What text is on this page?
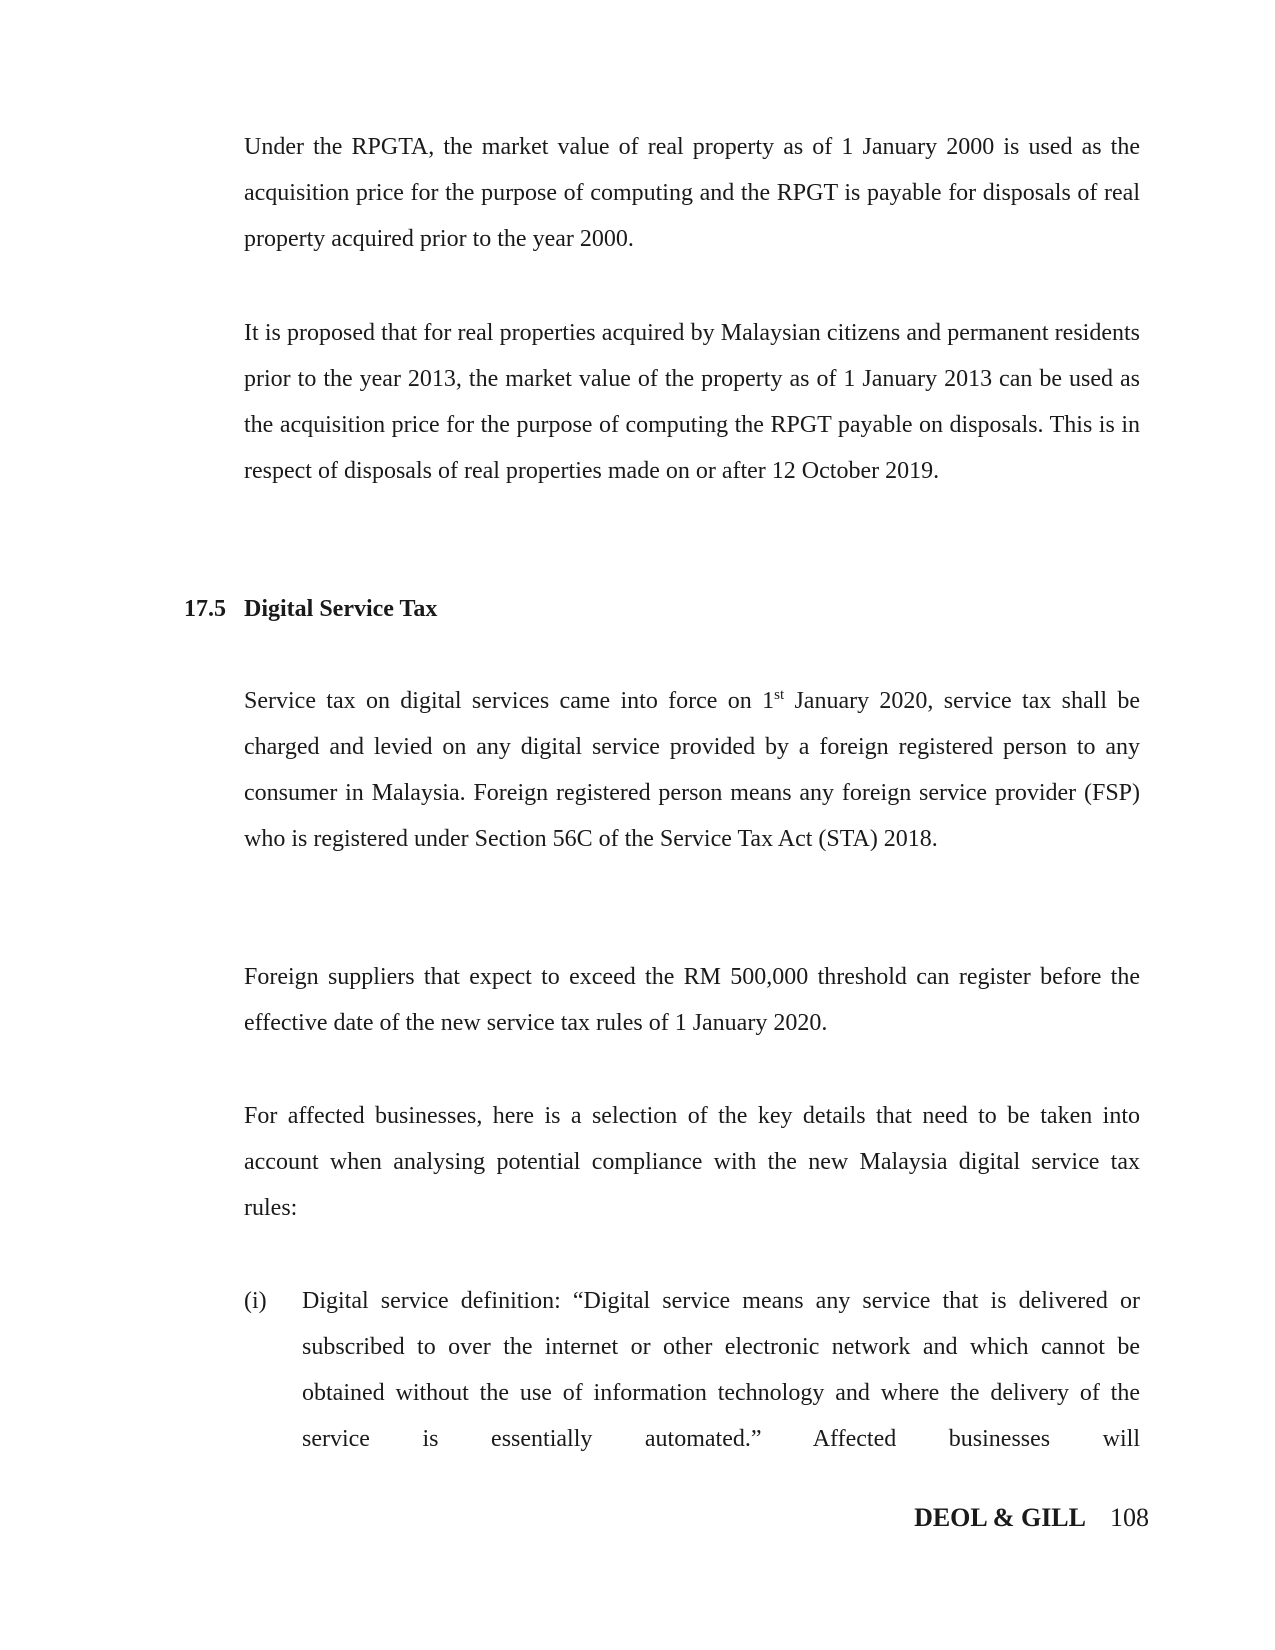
Under the RPGTA, the market value of real property as of 1 January 2000 is used as the acquisition price for the purpose of computing and the RPGT is payable for disposals of real property acquired prior to the year 2000.

It is proposed that for real properties acquired by Malaysian citizens and permanent residents prior to the year 2013, the market value of the property as of 1 January 2013 can be used as the acquisition price for the purpose of computing the RPGT payable on disposals. This is in respect of disposals of real properties made on or after 12 October 2019.

17.5 Digital Service Tax

Service tax on digital services came into force on 1st January 2020, service tax shall be charged and levied on any digital service provided by a foreign registered person to any consumer in Malaysia. Foreign registered person means any foreign service provider (FSP) who is registered under Section 56C of the Service Tax Act (STA) 2018.

Foreign suppliers that expect to exceed the RM 500,000 threshold can register before the effective date of the new service tax rules of 1 January 2020.

For affected businesses, here is a selection of the key details that need to be taken into account when analysing potential compliance with the new Malaysia digital service tax rules:

(i) Digital service definition: “Digital service means any service that is delivered or subscribed to over the internet or other electronic network and which cannot be obtained without the use of information technology and where the delivery of the service is essentially automated.” Affected businesses will

DEOL & GILL 108
